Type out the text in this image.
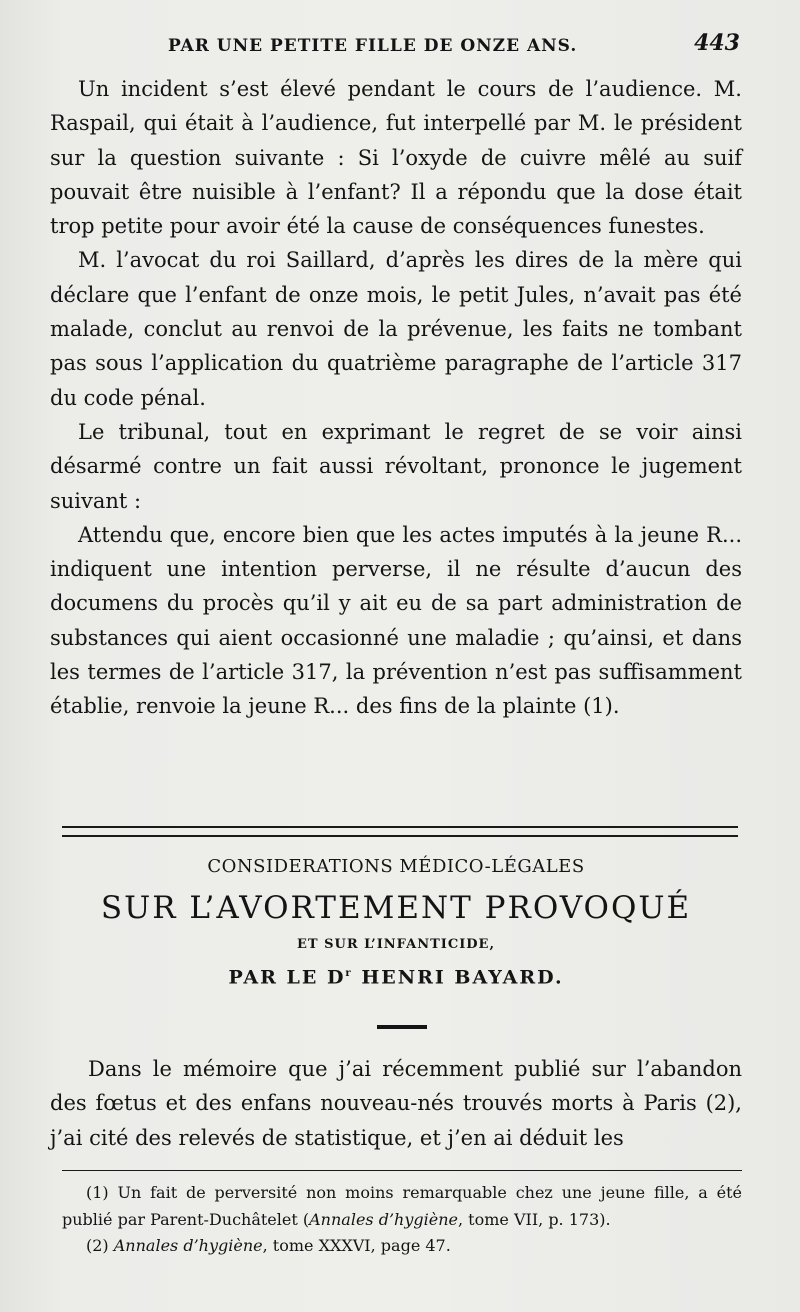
PAR UNE PETITE FILLE DE ONZE ANS.	443

Un incident s’est élevé pendant le cours de l’audience. M. Raspail, qui était à l’audience, fut interpellé par M. le président sur la question suivante : Si l’oxyde de cuivre mêlé au suif pouvait être nuisible à l’enfant? Il a répondu que la dose était trop petite pour avoir été la cause de conséquences funestes.

M. l’avocat du roi Saillard, d’après les dires de la mère qui déclare que l’enfant de onze mois, le petit Jules, n’avait pas été malade, conclut au renvoi de la prévenue, les faits ne tombant pas sous l’application du quatrième paragraphe de l’article 317 du code pénal.

Le tribunal, tout en exprimant le regret de se voir ainsi désarmé contre un fait aussi révoltant, prononce le jugement suivant :

Attendu que, encore bien que les actes imputés à la jeune R... indiquent une intention perverse, il ne résulte d’aucun des documens du procès qu’il y ait eu de sa part administration de substances qui aient occasionné une maladie ; qu’ainsi, et dans les termes de l’article 317, la prévention n’est pas suffisamment établie, renvoie la jeune R... des fins de la plainte (1).

CONSIDERATIONS MÉDICO-LÉGALES

SUR L’AVORTEMENT PROVOQUÉ

ET SUR L’INFANTICIDE,

PAR LE $D^r$ HENRI BAYARD.

Dans le mémoire que j’ai récemment publié sur l’abandon des fœtus et des enfans nouveau-nés trouvés morts à Paris (2), j’ai cité des relevés de statistique, et j’en ai déduit les

(1) Un fait de perversité non moins remarquable chez une jeune fille, a été publié par Parent-Duchâtelet (Annales d’hygiène, tome VII, p. 173).

(2) Annales d’hygiène, tome XXXVI, page 47.
